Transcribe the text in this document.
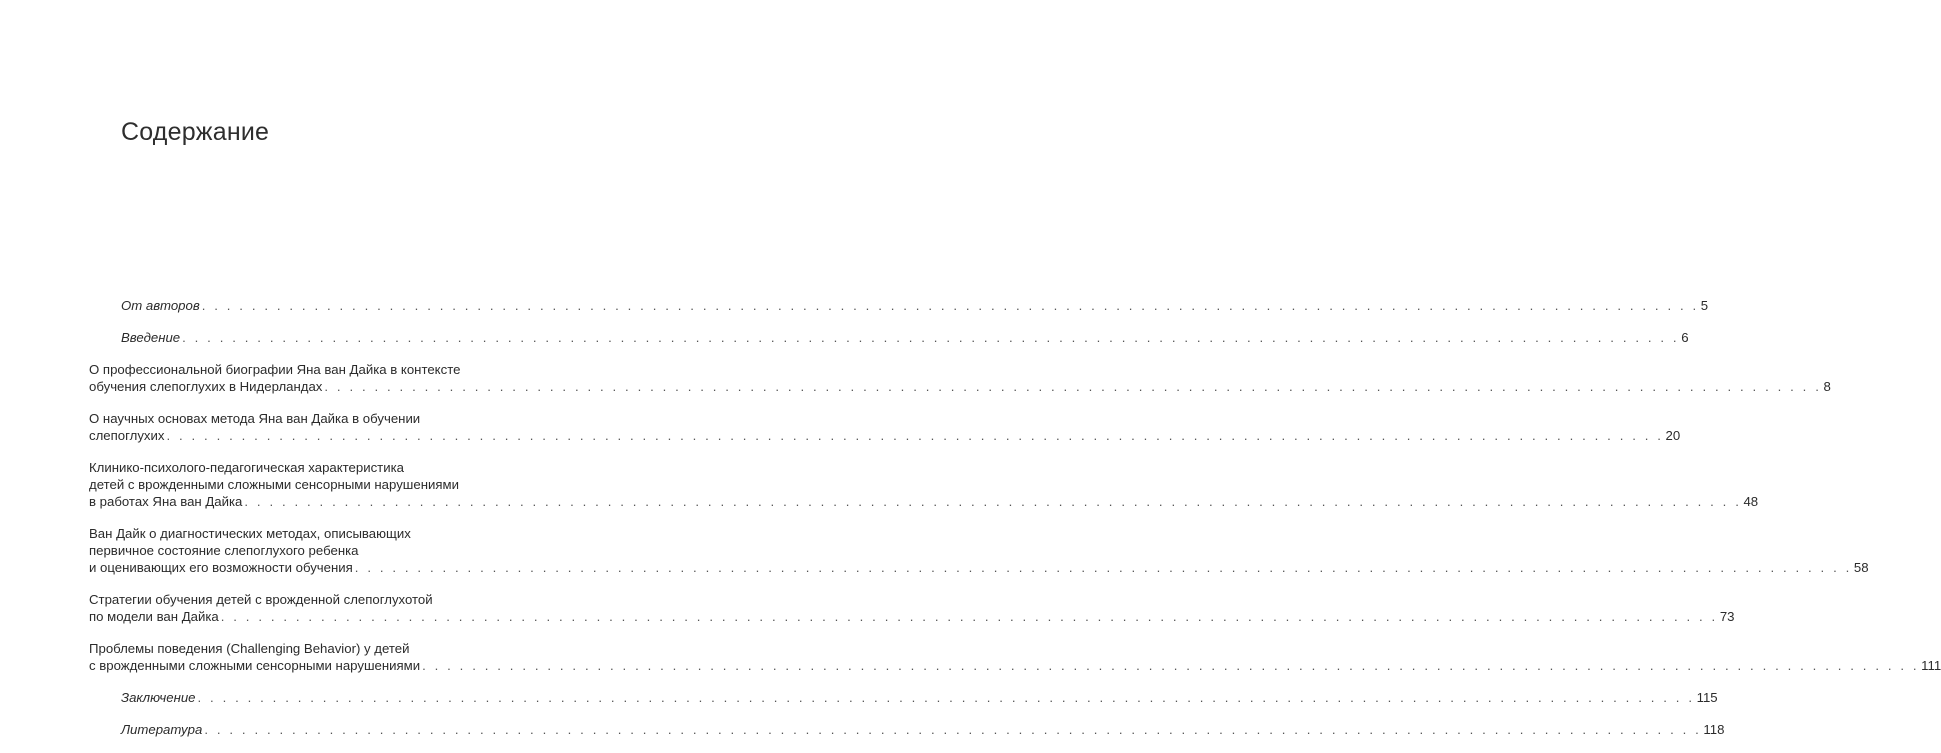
Содержание
От авторов . . . . . . . . . . . . . . . . . . . . . . . . . . . . . . . . . . . . . . . . . . . . . . . . . . . . . . . . . . . . . . . . . . . . . . . . . . . . . . . . . . . . . . . . . . . . . . . . . . . . . . . . . . . . . . . . . . . . . . . . 5
Введение . . . . . . . . . . . . . . . . . . . . . . . . . . . . . . . . . . . . . . . . . . . . . . . . . . . . . . . . . . . . . . . . . . . . . . . . . . . . . . . . . . . . . . . . . . . . . . . . . . . . . . . . . . . . . . . . . . . . . . . . 6
О профессиональной биографии Яна ван Дайка в контексте
обучения слепоглухих в Нидерландах . . . . . . . . . . . . . . . . . . . . . . . . . . . . . . . . . . . . . . . . . . . . . . . . . . . . . . . . . . . . . . . . . . . . . . . . . . . . . . . . . . . . . . . . . . . . . . . . . . . . . . . . . . . . . . . . . . . . . . . . 8
О научных основах метода Яна ван Дайка в обучении
слепоглухих . . . . . . . . . . . . . . . . . . . . . . . . . . . . . . . . . . . . . . . . . . . . . . . . . . . . . . . . . . . . . . . . . . . . . . . . . . . . . . . . . . . . . . . . . . . . . . . . . . . . . . . . . . . . . . . . . . . . . . . . 20
Клинико-психолого-педагогическая характеристика
детей с врожденными сложными сенсорными нарушениями
в работах Яна ван Дайка . . . . . . . . . . . . . . . . . . . . . . . . . . . . . . . . . . . . . . . . . . . . . . . . . . . . . . . . . . . . . . . . . . . . . . . . . . . . . . . . . . . . . . . . . . . . . . . . . . . . . . . . . . . . . . . . . . . . . . . . 48
Ван Дайк о диагностических методах, описывающих
первичное состояние слепоглухого ребенка
и оценивающих его возможности обучения . . . . . . . . . . . . . . . . . . . . . . . . . . . . . . . . . . . . . . . . . . . . . . . . . . . . . . . . . . . . . . . . . . . . . . . . . . . . . . . . . . . . . . . . . . . . . . . . . . . . . . . . . . . . . . . . . . . . . . . . 58
Стратегии обучения детей с врожденной слепоглухотой
по модели ван Дайка . . . . . . . . . . . . . . . . . . . . . . . . . . . . . . . . . . . . . . . . . . . . . . . . . . . . . . . . . . . . . . . . . . . . . . . . . . . . . . . . . . . . . . . . . . . . . . . . . . . . . . . . . . . . . . . . . . . . . . . . 73
Проблемы поведения (Challenging Behavior) у детей
с врожденными сложными сенсорными нарушениями . . . . . . . . . . . . . . . . . . . . . . . . . . . . . . . . . . . . . . . . . . . . . . . . . . . . . . . . . . . . . . . . . . . . . . . . . . . . . . . . . . . . . . . . . . . . . . . . . . . . . . . . . . . . . . . . . . . . . . . . 111
Заключение . . . . . . . . . . . . . . . . . . . . . . . . . . . . . . . . . . . . . . . . . . . . . . . . . . . . . . . . . . . . . . . . . . . . . . . . . . . . . . . . . . . . . . . . . . . . . . . . . . . . . . . . . . . . . . . . . . . . . . . . 115
Литература . . . . . . . . . . . . . . . . . . . . . . . . . . . . . . . . . . . . . . . . . . . . . . . . . . . . . . . . . . . . . . . . . . . . . . . . . . . . . . . . . . . . . . . . . . . . . . . . . . . . . . . . . . . . . . . . . . . . . . . . 118
